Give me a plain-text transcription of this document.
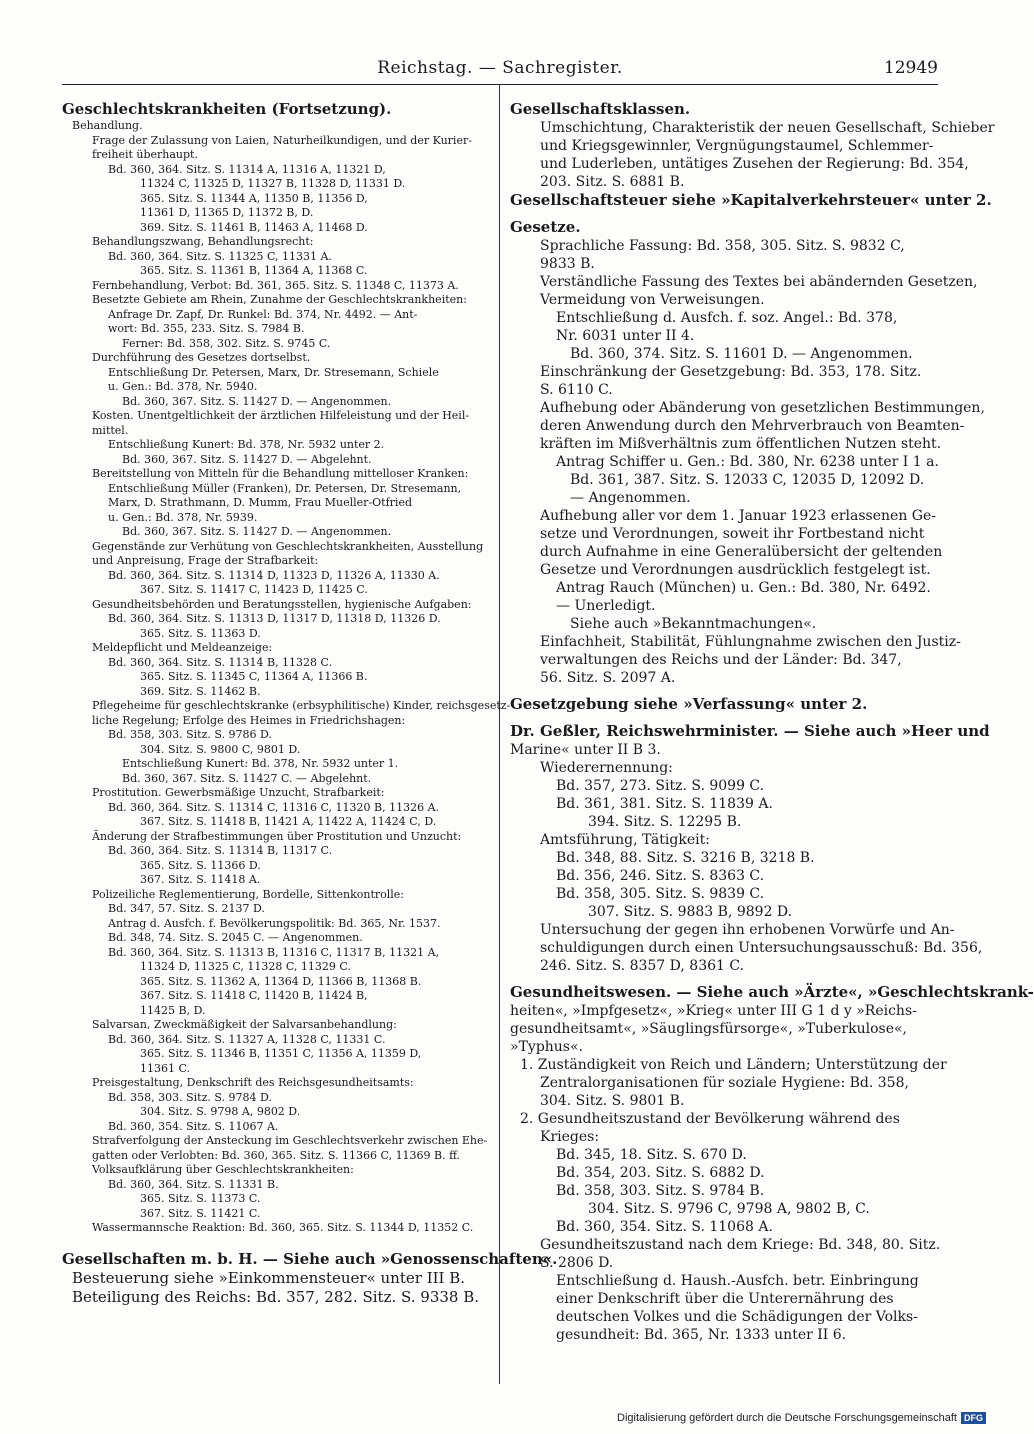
Reichstag. — Sachregister.	12949
Geschlechtskrankheiten (Fortsetzung).
Behandlung.
Frage der Zulassung von Laien, Naturheilkundigen, und der Kurier-
freiheit überhaupt.
Bd. 360, 364. Sitz. S. 11314 A, 11316 A, 11321 D,
11324 C, 11325 D, 11327 B, 11328 D, 11331 D.
365. Sitz. S. 11344 A, 11350 B, 11356 D,
11361 D, 11365 D, 11372 B, D.
369. Sitz. S. 11461 B, 11463 A, 11468 D.
Behandlungszwang, Behandlungsrecht:
Bd. 360, 364. Sitz. S. 11325 C, 11331 A.
365. Sitz. S. 11361 B, 11364 A, 11368 C.
Fernbehandlung, Verbot: Bd. 361, 365. Sitz. S. 11348 C, 11373 A.
Besetzte Gebiete am Rhein, Zunahme der Geschlechtskrankheiten:
Anfrage Dr. Zapf, Dr. Runkel: Bd. 374, Nr. 4492. — Ant-
wort: Bd. 355, 233. Sitz. S. 7984 B.
Ferner: Bd. 358, 302. Sitz. S. 9745 C.
Durchführung des Gesetzes dortselbst.
Entschließung Dr. Petersen, Marx, Dr. Stresemann, Schiele
u. Gen.: Bd. 378, Nr. 5940.
Bd. 360, 367. Sitz. S. 11427 D. — Angenommen.
Kosten. Unentgeltlichkeit der ärztlichen Hilfeleistung und der Heil-
mittel.
Entschließung Kunert: Bd. 378, Nr. 5932 unter 2.
Bd. 360, 367. Sitz. S. 11427 D. — Abgelehnt.
Bereitstellung von Mitteln für die Behandlung mittelloser Kranken:
Entschließung Müller (Franken), Dr. Petersen, Dr. Stresemann,
Marx, D. Strathmann, D. Mumm, Frau Mueller-Otfried
u. Gen.: Bd. 378, Nr. 5939.
Bd. 360, 367. Sitz. S. 11427 D. — Angenommen.
Gegenstände zur Verhütung von Geschlechtskrankheiten, Ausstellung
und Anpreisung, Frage der Strafbarkeit:
Bd. 360, 364. Sitz. S. 11314 D, 11323 D, 11326 A, 11330 A.
367. Sitz. S. 11417 C, 11423 D, 11425 C.
Gesundheitsbehörden und Beratungsstellen, hygienische Aufgaben:
Bd. 360, 364. Sitz. S. 11313 D, 11317 D, 11318 D, 11326 D.
365. Sitz. S. 11363 D.
Meldepflicht und Meldeanzeige:
Bd. 360, 364. Sitz. S. 11314 B, 11328 C.
365. Sitz. S. 11345 C, 11364 A, 11366 B.
369. Sitz. S. 11462 B.
Pflegeheime für geschlechtskranke (erbsyphilitische) Kinder, reichsgesetz-
liche Regelung; Erfolge des Heimes in Friedrichshagen:
Bd. 358, 303. Sitz. S. 9786 D.
304. Sitz. S. 9800 C, 9801 D.
Entschließung Kunert: Bd. 378, Nr. 5932 unter 1.
Bd. 360, 367. Sitz. S. 11427 C. — Abgelehnt.
Prostitution. Gewerbsmäßige Unzucht, Strafbarkeit:
Bd. 360, 364. Sitz. S. 11314 C, 11316 C, 11320 B, 11326 A.
367. Sitz. S. 11418 B, 11421 A, 11422 A, 11424 C, D.
Änderung der Strafbestimmungen über Prostitution und Unzucht:
Bd. 360, 364. Sitz. S. 11314 B, 11317 C.
365. Sitz. S. 11366 D.
367. Sitz. S. 11418 A.
Polizeiliche Reglementierung, Bordelle, Sittenkontrolle:
Bd. 347, 57. Sitz. S. 2137 D.
Antrag d. Ausfch. f. Bevölkerungspolitik: Bd. 365, Nr. 1537.
Bd. 348, 74. Sitz. S. 2045 C. — Angenommen.
Bd. 360, 364. Sitz. S. 11313 B, 11316 C, 11317 B, 11321 A,
11324 D, 11325 C, 11328 C, 11329 C.
365. Sitz. S. 11362 A, 11364 D, 11366 B, 11368 B.
367. Sitz. S. 11418 C, 11420 B, 11424 B,
11425 B, D.
Salvarsan, Zweckmäßigkeit der Salvarsanbehandlung:
Bd. 360, 364. Sitz. S. 11327 A, 11328 C, 11331 C.
365. Sitz. S. 11346 B, 11351 C, 11356 A, 11359 D,
11361 C.
Preisgestaltung, Denkschrift des Reichsgesundheitsamts:
Bd. 358, 303. Sitz. S. 9784 D.
304. Sitz. S. 9798 A, 9802 D.
Bd. 360, 354. Sitz. S. 11067 A.
Strafverfolgung der Ansteckung im Geschlechtsverkehr zwischen Ehe-
gatten oder Verlobten: Bd. 360, 365. Sitz. S. 11366 C, 11369 B. ff.
Volksaufklärung über Geschlechtskrankheiten:
Bd. 360, 364. Sitz. S. 11331 B.
365. Sitz. S. 11373 C.
367. Sitz. S. 11421 C.
Wassermannsche Reaktion: Bd. 360, 365. Sitz. S. 11344 D, 11352 C.
Gesellschaften m. b. H. — Siehe auch »Genossenschaften«.
Besteuerung siehe »Einkommensteuer« unter III B.
Beteiligung des Reichs: Bd. 357, 282. Sitz. S. 9338 B.
Gesellschaftsklassen.
Umschichtung, Charakteristik der neuen Gesellschaft, Schieber
und Kriegsgewinnler, Vergnügungstaumel, Schlemmer-
und Luderleben, untätiges Zusehen der Regierung: Bd. 354,
203. Sitz. S. 6881 B.
Gesellschaftsteuer siehe »Kapitalverkehrsteuer« unter 2.
Gesetze.
Sprachliche Fassung: Bd. 358, 305. Sitz. S. 9832 C,
9833 B.
Verständliche Fassung des Textes bei abändernden Gesetzen,
Vermeidung von Verweisungen.
Entschließung d. Ausfch. f. soz. Angel.: Bd. 378,
Nr. 6031 unter II 4.
Bd. 360, 374. Sitz. S. 11601 D. — Angenommen.
Einschränkung der Gesetzgebung: Bd. 353, 178. Sitz.
S. 6110 C.
Aufhebung oder Abänderung von gesetzlichen Bestimmungen,
deren Anwendung durch den Mehrverbrauch von Beamten-
kräften im Mißverhältnis zum öffentlichen Nutzen steht.
Antrag Schiffer u. Gen.: Bd. 380, Nr. 6238 unter I 1 a.
Bd. 361, 387. Sitz. S. 12033 C, 12035 D, 12092 D.
— Angenommen.
Aufhebung aller vor dem 1. Januar 1923 erlassenen Ge-
setze und Verordnungen, soweit ihr Fortbestand nicht
durch Aufnahme in eine Generalübersicht der geltenden
Gesetze und Verordnungen ausdrücklich festgelegt ist.
Antrag Rauch (München) u. Gen.: Bd. 380, Nr. 6492.
— Unerledigt.
Siehe auch »Bekanntmachungen«.
Einfachheit, Stabilität, Fühlungnahme zwischen den Justiz-
verwaltungen des Reichs und der Länder: Bd. 347,
56. Sitz. S. 2097 A.
Gesetzgebung siehe »Verfassung« unter 2.
Dr. Geßler, Reichswehrminister. — Siehe auch »Heer und
Marine« unter II B 3.
Wiederernennung:
Bd. 357, 273. Sitz. S. 9099 C.
Bd. 361, 381. Sitz. S. 11839 A.
394. Sitz. S. 12295 B.
Amtsführung, Tätigkeit:
Bd. 348, 88. Sitz. S. 3216 B, 3218 B.
Bd. 356, 246. Sitz. S. 8363 C.
Bd. 358, 305. Sitz. S. 9839 C.
307. Sitz. S. 9883 B, 9892 D.
Untersuchung der gegen ihn erhobenen Vorwürfe und An-
schuldigungen durch einen Untersuchungsausschuß: Bd. 356,
246. Sitz. S. 8357 D, 8361 C.
Gesundheitswesen. — Siehe auch »Ärzte«, »Geschlechtskrank-
heiten«, »Impfgesetz«, »Krieg« unter III G 1 d y »Reichs-
gesundheitsamt«, »Säuglingsfürsorge«, »Tuberkulose«,
»Typhus«.
1. Zuständigkeit von Reich und Ländern; Unterstützung der
Zentralorganisationen für soziale Hygiene: Bd. 358,
304. Sitz. S. 9801 B.
2. Gesundheitszustand der Bevölkerung während des
Krieges:
Bd. 345, 18. Sitz. S. 670 D.
Bd. 354, 203. Sitz. S. 6882 D.
Bd. 358, 303. Sitz. S. 9784 B.
304. Sitz. S. 9796 C, 9798 A, 9802 B, C.
Bd. 360, 354. Sitz. S. 11068 A.
Gesundheitszustand nach dem Kriege: Bd. 348, 80. Sitz.
S. 2806 D.
Entschließung d. Haush.-Ausfch. betr. Einbringung
einer Denkschrift über die Unterernährung des
deutschen Volkes und die Schädigungen der Volks-
gesundheit: Bd. 365, Nr. 1333 unter II 6.
Digitalisierung gefördert durch die Deutsche Forschungsgemeinschaft DFG
